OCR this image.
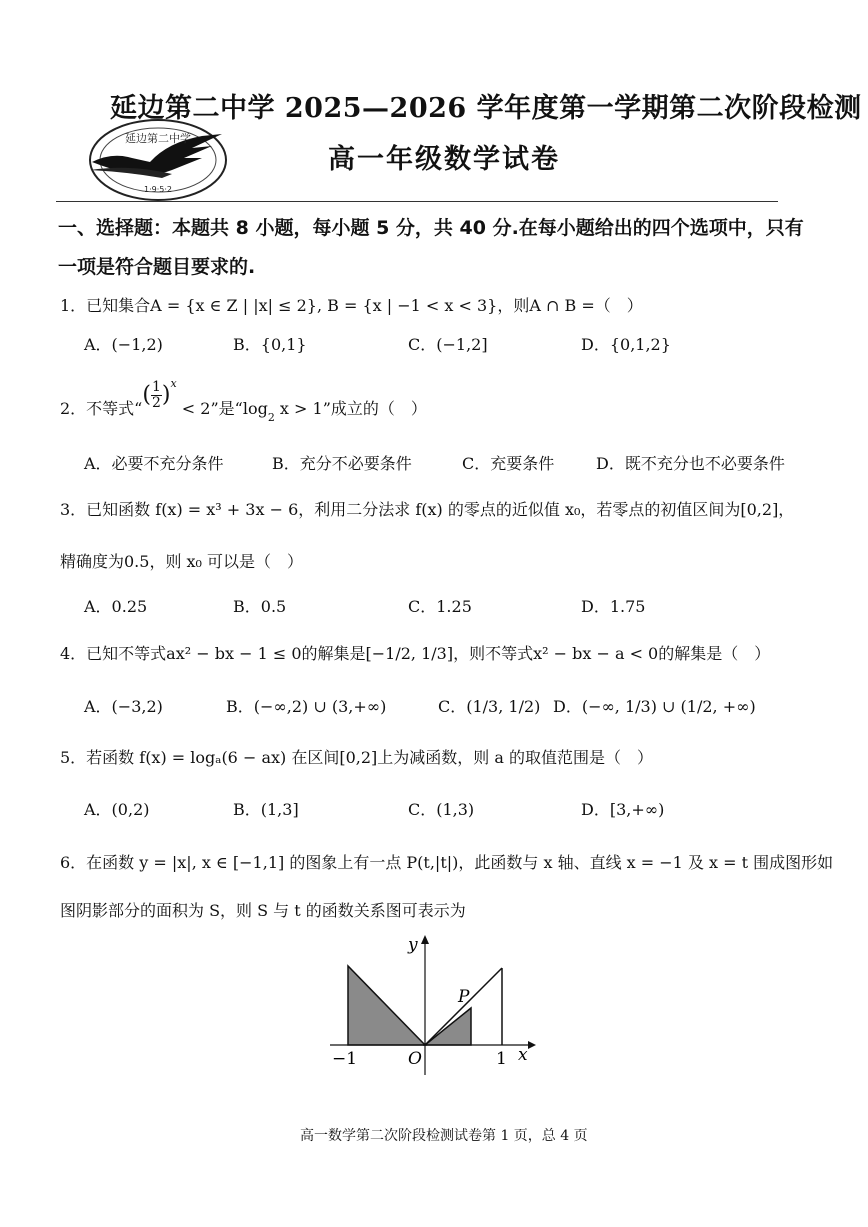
延边第二中学
1·9·5·2
延边第二中学 2025—2026 学年度第一学期第二次阶段检测
高一年级数学试卷
一、选择题：本题共 8 小题，每小题 5 分，共 40 分.在每小题给出的四个选项中，只有
一项是符合题目要求的.
1．已知集合A = {x ∈ Z | |x| ≤ 2}, B = {x | −1 < x < 3}，则A ∩ B =（　）
A．(−1,2)	B．{0,1}	C．(−1,2]	D．{0,1,2}
2．不等式“( $\frac{1}{2} )^x < 2$”是“$\log_2$ x > 1”成立的（　）
A．必要不充分条件	B．充分不必要条件	C．充要条件	D．既不充分也不必要条件
3．已知函数 f(x) = x³ + 3x − 6，利用二分法求 f(x) 的零点的近似值 x₀，若零点的初值区间为[0,2]，
精确度为0.5，则 x₀ 可以是（　）
A．0.25	B．0.5	C．1.25	D．1.75
4．已知不等式ax² − bx − 1 ≤ 0的解集是[−1/2, 1/3]，则不等式x² − bx − a < 0的解集是（　）
A．(−3,2)	B．(−∞,2) ∪ (3,+∞)	C．(1/3, 1/2) D．(−∞, 1/3) ∪ (1/2, +∞)
5．若函数 f(x) = logₐ(6 − ax) 在区间[0,2]上为减函数，则 a 的取值范围是（　）
A．(0,2)	B．(1,3]	C．(1,3)	D．[3,+∞)
6．在函数 y = |x|, x ∈ [−1,1] 的图象上有一点 P(t,|t|)，此函数与 x 轴、直线 x = −1 及 x = t 围成图形如
图阴影部分的面积为 S，则 S 与 t 的函数关系图可表示为
y
x
−1	O	1
P
高一数学第二次阶段检测试卷第 1 页，总 4 页
